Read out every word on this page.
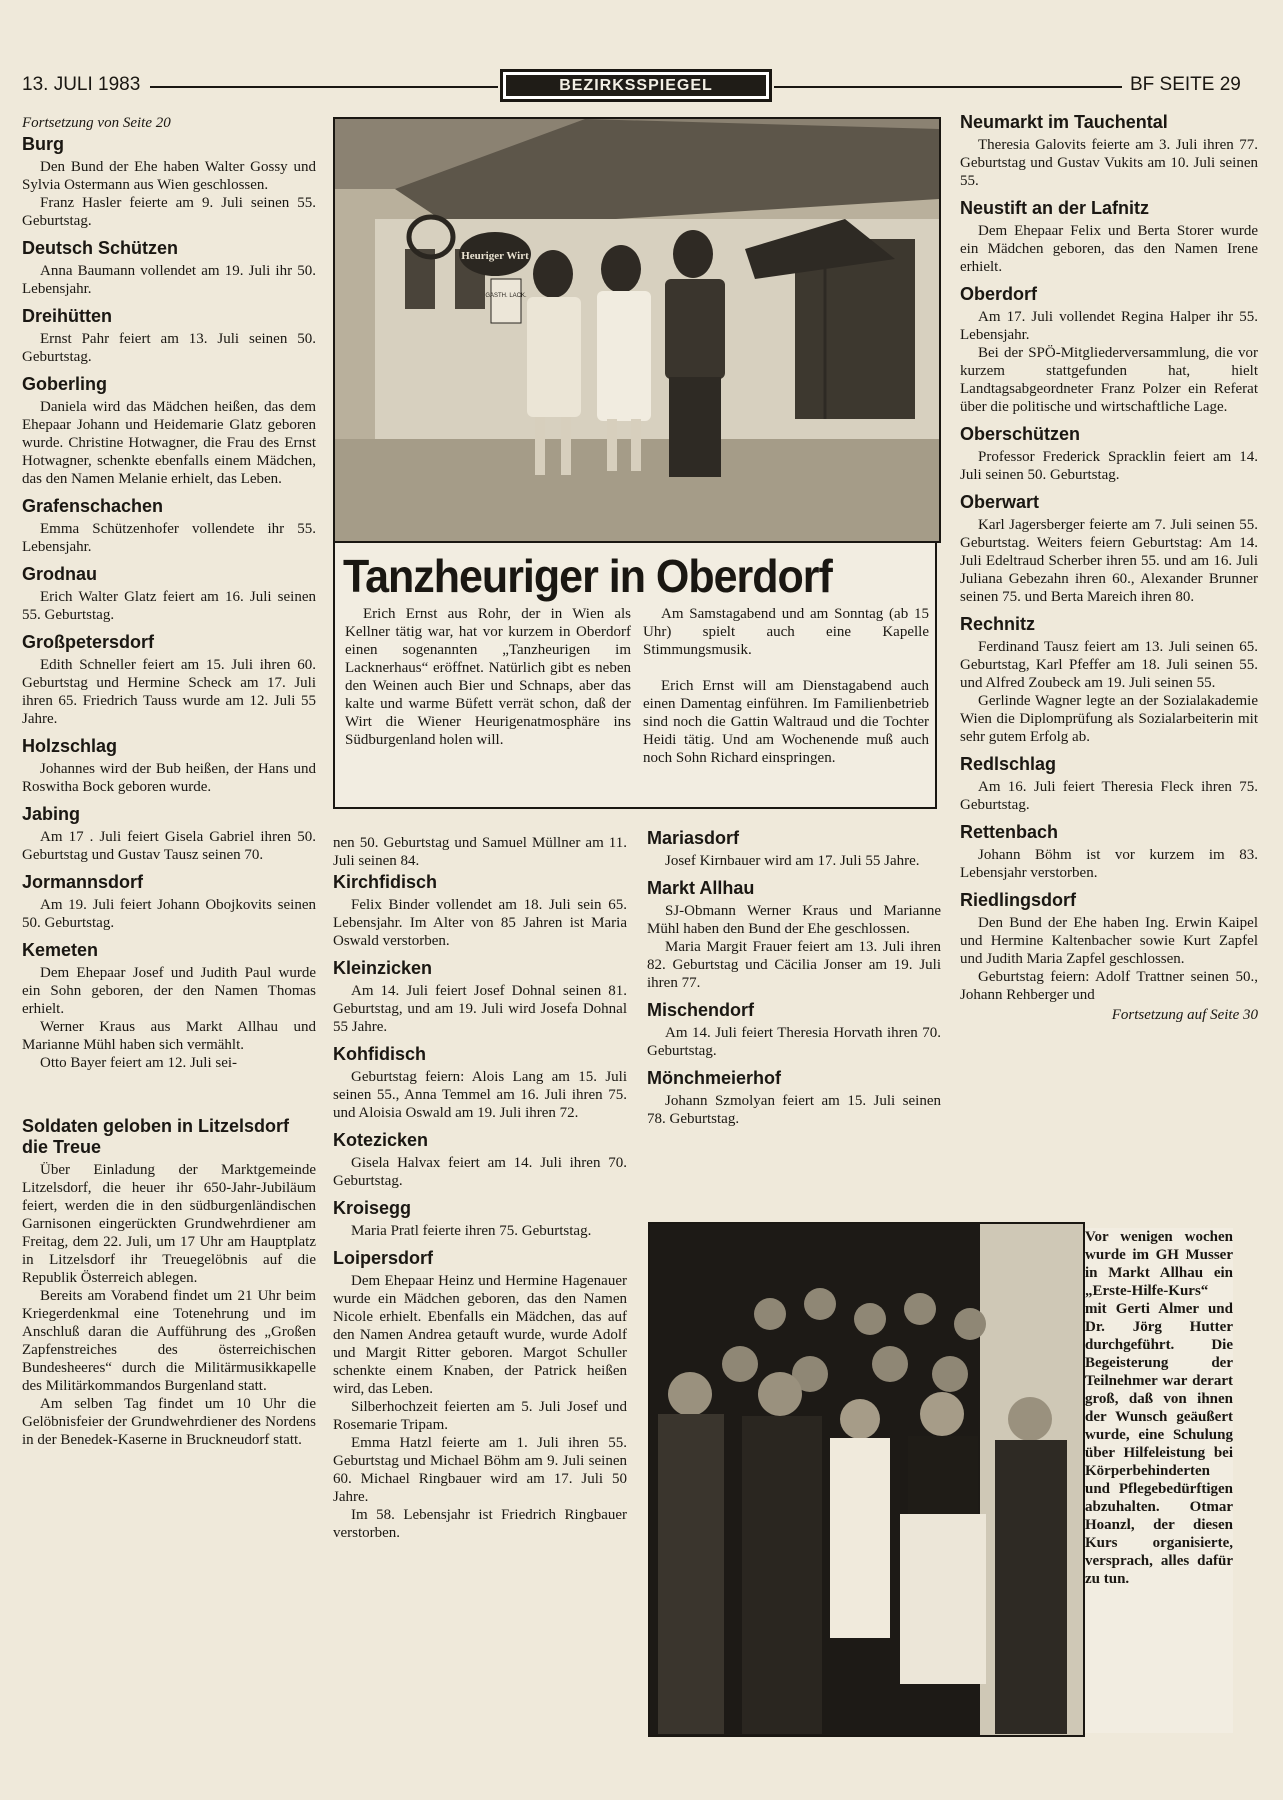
13. JULI 1983	BEZIRKSSPIEGEL	BF SEITE 29
Fortsetzung von Seite 20
Burg

Den Bund der Ehe haben Walter Gossy und Sylvia Ostermann aus Wien geschlossen.

Franz Hasler feierte am 9. Juli seinen 55. Geburtstag.

Deutsch Schützen

Anna Baumann vollendet am 19. Juli ihr 50. Lebensjahr.

Dreihütten

Ernst Pahr feiert am 13. Juli seinen 50. Geburtstag.

Goberling

Daniela wird das Mädchen heißen, das dem Ehepaar Johann und Heidemarie Glatz geboren wurde. Christine Hotwagner, die Frau des Ernst Hotwagner, schenkte ebenfalls einem Mädchen, das den Namen Melanie erhielt, das Leben.

Grafenschachen

Emma Schützenhofer vollendete ihr 55. Lebensjahr.

Grodnau

Erich Walter Glatz feiert am 16. Juli seinen 55. Geburtstag.

Großpetersdorf

Edith Schneller feiert am 15. Juli ihren 60. Geburtstag und Hermine Scheck am 17. Juli ihren 65. Friedrich Tauss wurde am 12. Juli 55 Jahre.

Holzschlag

Johannes wird der Bub heißen, der Hans und Roswitha Bock geboren wurde.

Jabing

Am 17 . Juli feiert Gisela Gabriel ihren 50. Geburtstag und Gustav Tausz seinen 70.

Jormannsdorf

Am 19. Juli feiert Johann Obojkovits seinen 50. Geburtstag.

Kemeten

Dem Ehepaar Josef und Judith Paul wurde ein Sohn geboren, der den Namen Thomas erhielt.

Werner Kraus aus Markt Allhau und Marianne Mühl haben sich vermählt.

Otto Bayer feiert am 12. Juli sei-

Soldaten geloben in Litzelsdorf die Treue

Über Einladung der Marktgemeinde Litzelsdorf, die heuer ihr 650-Jahr-Jubiläum feiert, werden die in den südburgenländischen Garnisonen eingerückten Grundwehrdiener am Freitag, dem 22. Juli, um 17 Uhr am Hauptplatz in Litzelsdorf ihr Treuegelöbnis auf die Republik Österreich ablegen.

Bereits am Vorabend findet um 21 Uhr beim Kriegerdenkmal eine Totenehrung und im Anschluß daran die Aufführung des „Großen Zapfenstreiches des österreichischen Bundesheeres“ durch die Militärmusikkapelle des Militärkommandos Burgenland statt.

Am selben Tag findet um 10 Uhr die Gelöbnisfeier der Grundwehrdiener des Nordens in der Benedek-Kaserne in Bruckneudorf statt.

Heuriger Wirt
GASTH. LACK.
Tanzheuriger in Oberdorf

Erich Ernst aus Rohr, der in Wien als Kellner tätig war, hat vor kurzem in Oberdorf einen sogenannten „Tanzheurigen im Lacknerhaus“ eröffnet. Natürlich gibt es neben den Weinen auch Bier und Schnaps, aber das kalte und warme Büfett verrät schon, daß der Wirt die Wiener Heurigenatmosphäre ins Südburgenland holen will.

Am Samstagabend und am Sonntag (ab 15 Uhr) spielt auch eine Kapelle Stimmungsmusik.

Erich Ernst will am Dienstagabend auch einen Damentag einführen. Im Familienbetrieb sind noch die Gattin Waltraud und die Tochter Heidi tätig. Und am Wochenende muß auch noch Sohn Richard einspringen.

nen 50. Geburtstag und Samuel Müllner am 11. Juli seinen 84.

Kirchfidisch

Felix Binder vollendet am 18. Juli sein 65. Lebensjahr. Im Alter von 85 Jahren ist Maria Oswald verstorben.

Kleinzicken

Am 14. Juli feiert Josef Dohnal seinen 81. Geburtstag, und am 19. Juli wird Josefa Dohnal 55 Jahre.

Kohfidisch

Geburtstag feiern: Alois Lang am 15. Juli seinen 55., Anna Temmel am 16. Juli ihren 75. und Aloisia Oswald am 19. Juli ihren 72.

Kotezicken

Gisela Halvax feiert am 14. Juli ihren 70. Geburtstag.

Kroisegg

Maria Pratl feierte ihren 75. Geburtstag.

Loipersdorf

Dem Ehepaar Heinz und Hermine Hagenauer wurde ein Mädchen geboren, das den Namen Nicole erhielt. Ebenfalls ein Mädchen, das auf den Namen Andrea getauft wurde, wurde Adolf und Margit Ritter geboren. Margot Schuller schenkte einem Knaben, der Patrick heißen wird, das Leben.

Silberhochzeit feierten am 5. Juli Josef und Rosemarie Tripam.

Emma Hatzl feierte am 1. Juli ihren 55. Geburtstag und Michael Böhm am 9. Juli seinen 60. Michael Ringbauer wird am 17. Juli 50 Jahre.

Im 58. Lebensjahr ist Friedrich Ringbauer verstorben.

Mariasdorf

Josef Kirnbauer wird am 17. Juli 55 Jahre.

Markt Allhau

SJ-Obmann Werner Kraus und Marianne Mühl haben den Bund der Ehe geschlossen.

Maria Margit Frauer feiert am 13. Juli ihren 82. Geburtstag und Cäcilia Jonser am 19. Juli ihren 77.

Mischendorf

Am 14. Juli feiert Theresia Horvath ihren 70. Geburtstag.

Mönchmeierhof

Johann Szmolyan feiert am 15. Juli seinen 78. Geburtstag.

Neumarkt im Tauchental

Theresia Galovits feierte am 3. Juli ihren 77. Geburtstag und Gustav Vukits am 10. Juli seinen 55.

Neustift an der Lafnitz

Dem Ehepaar Felix und Berta Storer wurde ein Mädchen geboren, das den Namen Irene erhielt.

Oberdorf

Am 17. Juli vollendet Regina Halper ihr 55. Lebensjahr.

Bei der SPÖ-Mitgliederversammlung, die vor kurzem stattgefunden hat, hielt Landtagsabgeordneter Franz Polzer ein Referat über die politische und wirtschaftliche Lage.

Oberschützen

Professor Frederick Spracklin feiert am 14. Juli seinen 50. Geburtstag.

Oberwart

Karl Jagersberger feierte am 7. Juli seinen 55. Geburtstag. Weiters feiern Geburtstag: Am 14. Juli Edeltraud Scherber ihren 55. und am 16. Juli Juliana Gebezahn ihren 60., Alexander Brunner seinen 75. und Berta Mareich ihren 80.

Rechnitz

Ferdinand Tausz feiert am 13. Juli seinen 65. Geburtstag, Karl Pfeffer am 18. Juli seinen 55. und Alfred Zoubeck am 19. Juli seinen 55.

Gerlinde Wagner legte an der Sozialakademie Wien die Diplomprüfung als Sozialarbeiterin mit sehr gutem Erfolg ab.

Redlschlag

Am 16. Juli feiert Theresia Fleck ihren 75. Geburtstag.

Rettenbach

Johann Böhm ist vor kurzem im 83. Lebensjahr verstorben.

Riedlingsdorf

Den Bund der Ehe haben Ing. Erwin Kaipel und Hermine Kaltenbacher sowie Kurt Zapfel und Judith Maria Zapfel geschlossen.

Geburtstag feiern: Adolf Trattner seinen 50., Johann Rehberger und

Fortsetzung auf Seite 30
Vor wenigen wochen wurde im GH Musser in Markt Allhau ein „Erste-Hilfe-Kurs“ mit Gerti Almer und Dr. Jörg Hutter durchgeführt. Die Begeisterung der Teilnehmer war derart groß, daß von ihnen der Wunsch geäußert wurde, eine Schulung über Hilfeleistung bei Körperbehinderten und Pflegebedürftigen abzuhalten. Otmar Hoanzl, der diesen Kurs organisierte, versprach, alles dafür zu tun.
